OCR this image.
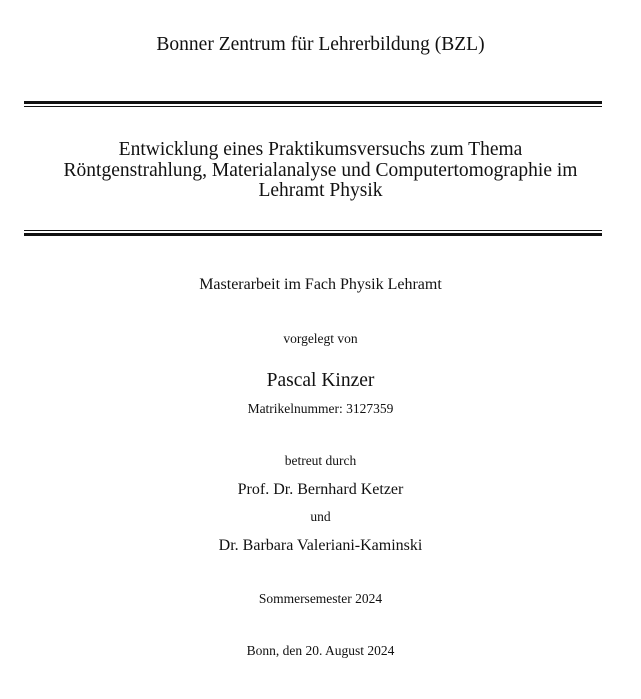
Bonner Zentrum für Lehrerbildung (BZL)
Entwicklung eines Praktikumsversuchs zum Thema
Röntgenstrahlung, Materialanalyse und Computertomographie im
Lehramt Physik
Masterarbeit im Fach Physik Lehramt
vorgelegt von
Pascal Kinzer
Matrikelnummer: 3127359
betreut durch
Prof. Dr. Bernhard Ketzer
und
Dr. Barbara Valeriani-Kaminski
Sommersemester 2024
Bonn, den 20. August 2024
